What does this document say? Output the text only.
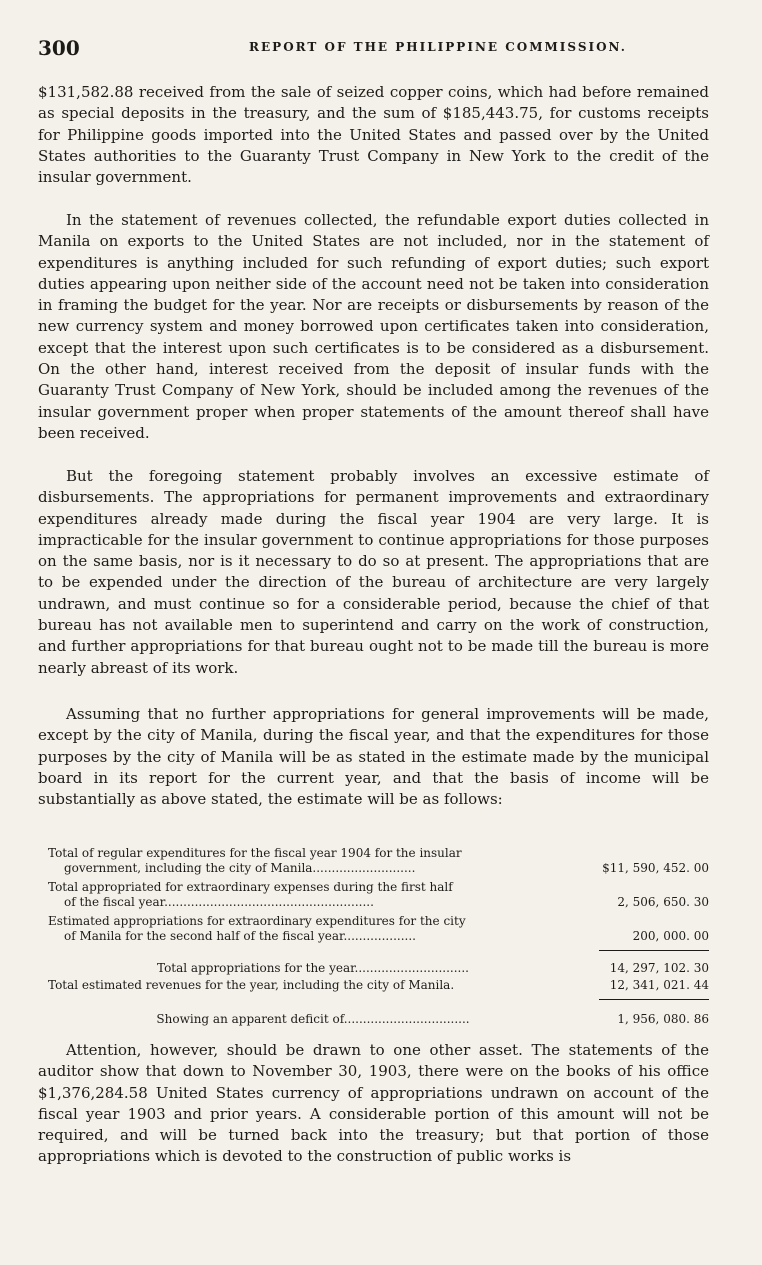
300	REPORT OF THE PHILIPPINE COMMISSION.

$131,582.88 received from the sale of seized copper coins, which had before remained as special deposits in the treasury, and the sum of $185,443.75, for customs receipts for Philippine goods imported into the United States and passed over by the United States authorities to the Guaranty Trust Company in New York to the credit of the insular government.

In the statement of revenues collected, the refundable export duties collected in Manila on exports to the United States are not included, nor in the statement of expenditures is anything included for such refunding of export duties; such export duties appearing upon neither side of the account need not be taken into consideration in framing the budget for the year. Nor are receipts or disbursements by reason of the new currency system and money borrowed upon certificates taken into consideration, except that the interest upon such certificates is to be considered as a disbursement. On the other hand, interest received from the deposit of insular funds with the Guaranty Trust Company of New York, should be included among the revenues of the insular government proper when proper statements of the amount thereof shall have been received.

But the foregoing statement probably involves an excessive estimate of disbursements. The appropriations for permanent improvements and extraordinary expenditures already made during the fiscal year 1904 are very large. It is impracticable for the insular government to continue appropriations for those purposes on the same basis, nor is it necessary to do so at present. The appropriations that are to be expended under the direction of the bureau of architecture are very largely undrawn, and must continue so for a considerable period, because the chief of that bureau has not available men to superintend and carry on the work of construction, and further appropriations for that bureau ought not to be made till the bureau is more nearly abreast of its work.

Assuming that no further appropriations for general improvements will be made, except by the city of Manila, during the fiscal year, and that the expenditures for those purposes by the city of Manila will be as stated in the estimate made by the municipal board in its report for the current year, and that the basis of income will be substantially as above stated, the estimate will be as follows:

Total of regular expenditures for the fiscal year 1904 for the insular
government, including the city of Manila...........................	$11, 590, 452. 00
Total appropriated for extraordinary expenses during the first half
of the fiscal year.......................................................	2, 506, 650. 30
Estimated appropriations for extraordinary expenditures for the city
of Manila for the second half of the fiscal year...................	200, 000. 00
Total appropriations for the year..............................	14, 297, 102. 30
Total estimated revenues for the year, including the city of Manila.	12, 341, 021. 44
Showing an apparent deficit of.................................	1, 956, 080. 86

Attention, however, should be drawn to one other asset. The statements of the auditor show that down to November 30, 1903, there were on the books of his office $1,376,284.58 United States currency of appropriations undrawn on account of the fiscal year 1903 and prior years. A considerable portion of this amount will not be required, and will be turned back into the treasury; but that portion of those appropriations which is devoted to the construction of public works is
